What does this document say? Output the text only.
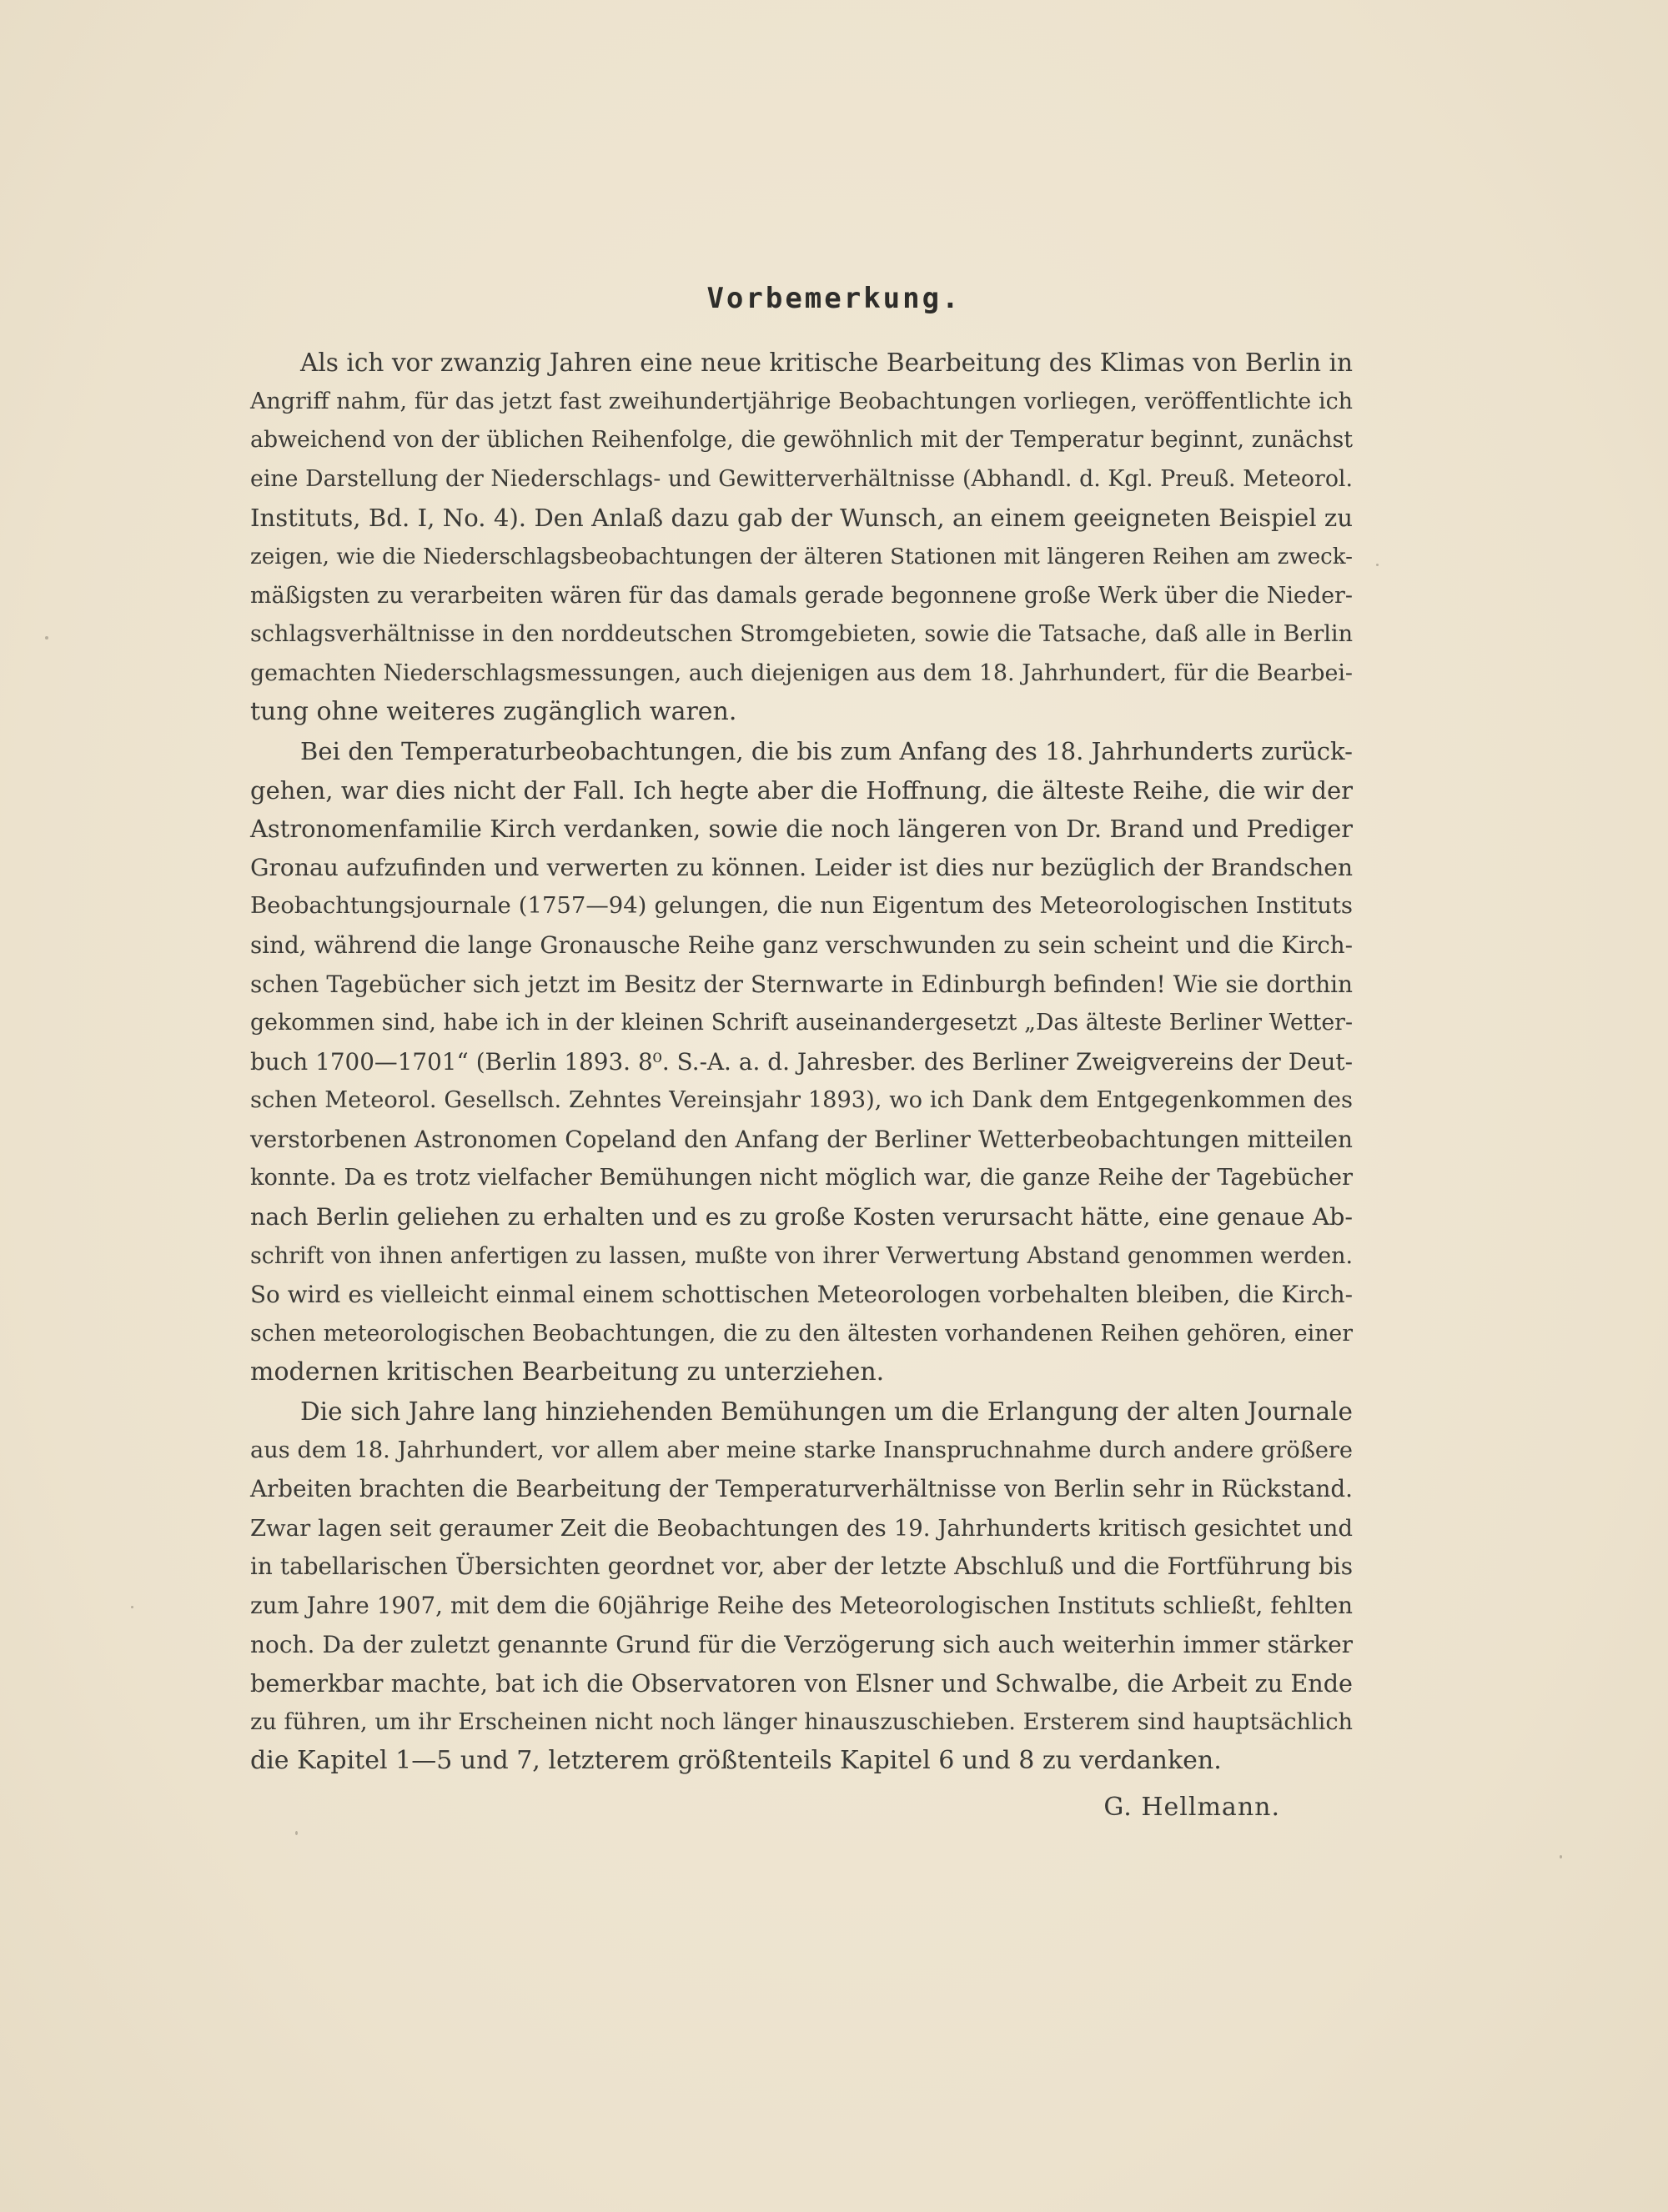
Vorbemerkung.
Als ich vor zwanzig Jahren eine neue kritische Bearbeitung des Klimas von Berlin in
Angriff nahm, für das jetzt fast zweihundertjährige Beobachtungen vorliegen, veröffentlichte ich
abweichend von der üblichen Reihenfolge, die gewöhnlich mit der Temperatur beginnt, zunächst
eine Darstellung der Niederschlags- und Gewitterverhältnisse (Abhandl. d. Kgl. Preuß. Meteorol.
Instituts, Bd. I, No. 4). Den Anlaß dazu gab der Wunsch, an einem geeigneten Beispiel zu
zeigen, wie die Niederschlagsbeobachtungen der älteren Stationen mit längeren Reihen am zweck-
mäßigsten zu verarbeiten wären für das damals gerade begonnene große Werk über die Nieder-
schlagsverhältnisse in den norddeutschen Stromgebieten, sowie die Tatsache, daß alle in Berlin
gemachten Niederschlagsmessungen, auch diejenigen aus dem 18. Jahrhundert, für die Bearbei-
tung ohne weiteres zugänglich waren.
Bei den Temperaturbeobachtungen, die bis zum Anfang des 18. Jahrhunderts zurück-
gehen, war dies nicht der Fall. Ich hegte aber die Hoffnung, die älteste Reihe, die wir der
Astronomenfamilie Kirch verdanken, sowie die noch längeren von Dr. Brand und Prediger
Gronau aufzufinden und verwerten zu können. Leider ist dies nur bezüglich der Brandschen
Beobachtungsjournale (1757—94) gelungen, die nun Eigentum des Meteorologischen Instituts
sind, während die lange Gronausche Reihe ganz verschwunden zu sein scheint und die Kirch-
schen Tagebücher sich jetzt im Besitz der Sternwarte in Edinburgh befinden! Wie sie dorthin
gekommen sind, habe ich in der kleinen Schrift auseinandergesetzt „Das älteste Berliner Wetter-
buch 1700—1701“ (Berlin 1893. 8⁰. S.-A. a. d. Jahresber. des Berliner Zweigvereins der Deut-
schen Meteorol. Gesellsch. Zehntes Vereinsjahr 1893), wo ich Dank dem Entgegenkommen des
verstorbenen Astronomen Copeland den Anfang der Berliner Wetterbeobachtungen mitteilen
konnte. Da es trotz vielfacher Bemühungen nicht möglich war, die ganze Reihe der Tagebücher
nach Berlin geliehen zu erhalten und es zu große Kosten verursacht hätte, eine genaue Ab-
schrift von ihnen anfertigen zu lassen, mußte von ihrer Verwertung Abstand genommen werden.
So wird es vielleicht einmal einem schottischen Meteorologen vorbehalten bleiben, die Kirch-
schen meteorologischen Beobachtungen, die zu den ältesten vorhandenen Reihen gehören, einer
modernen kritischen Bearbeitung zu unterziehen.
Die sich Jahre lang hinziehenden Bemühungen um die Erlangung der alten Journale
aus dem 18. Jahrhundert, vor allem aber meine starke Inanspruchnahme durch andere größere
Arbeiten brachten die Bearbeitung der Temperaturverhältnisse von Berlin sehr in Rückstand.
Zwar lagen seit geraumer Zeit die Beobachtungen des 19. Jahrhunderts kritisch gesichtet und
in tabellarischen Übersichten geordnet vor, aber der letzte Abschluß und die Fortführung bis
zum Jahre 1907, mit dem die 60jährige Reihe des Meteorologischen Instituts schließt, fehlten
noch. Da der zuletzt genannte Grund für die Verzögerung sich auch weiterhin immer stärker
bemerkbar machte, bat ich die Observatoren von Elsner und Schwalbe, die Arbeit zu Ende
zu führen, um ihr Erscheinen nicht noch länger hinauszuschieben. Ersterem sind hauptsächlich
die Kapitel 1—5 und 7, letzterem größtenteils Kapitel 6 und 8 zu verdanken.

G. Hellmann.
